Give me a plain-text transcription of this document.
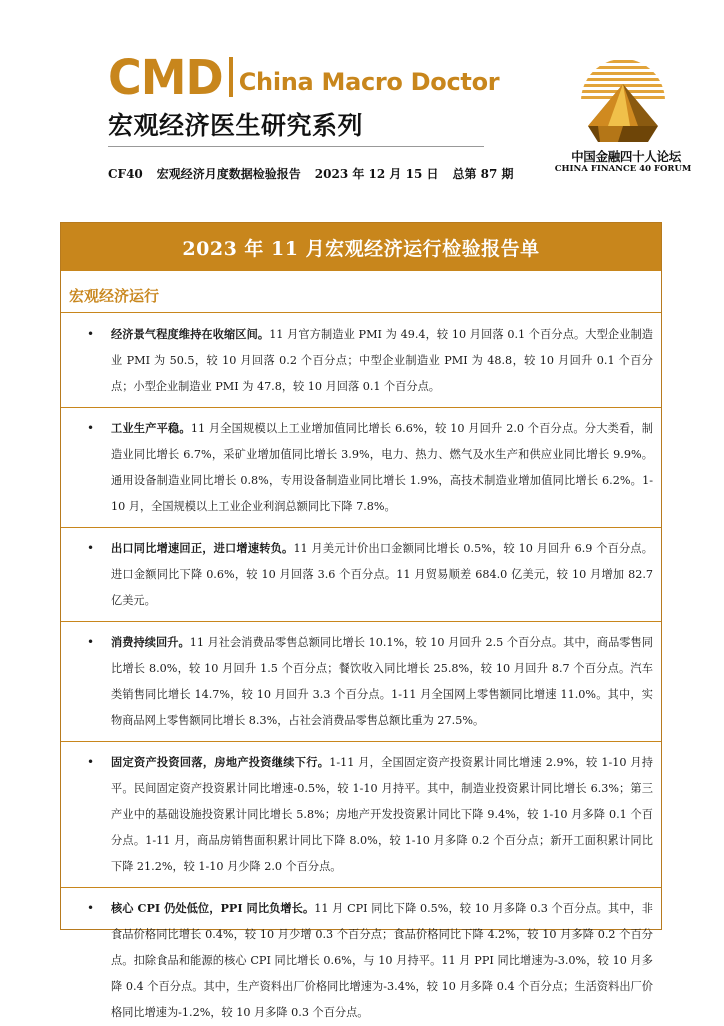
CMD China Macro Doctor
宏观经济医生研究系列
CF40 宏观经济月度数据检验报告 2023 年 12 月 15 日 总第 87 期
中国金融四十人论坛
CHINA FINANCE 40 FORUM
2023 年 11 月宏观经济运行检验报告单
宏观经济运行
• 经济景气程度维持在收缩区间。11 月官方制造业 PMI 为 49.4，较 10 月回落 0.1 个百分点。大型企业制造业 PMI 为 50.5，较 10 月回落 0.2 个百分点；中型企业制造业 PMI 为 48.8，较 10 月回升 0.1 个百分点；小型企业制造业 PMI 为 47.8，较 10 月回落 0.1 个百分点。
• 工业生产平稳。11 月全国规模以上工业增加值同比增长 6.6%，较 10 月回升 2.0 个百分点。分大类看，制造业同比增长 6.7%，采矿业增加值同比增长 3.9%，电力、热力、燃气及水生产和供应业同比增长 9.9%。通用设备制造业同比增长 0.8%，专用设备制造业同比增长 1.9%，高技术制造业增加值同比增长 6.2%。1-10 月，全国规模以上工业企业利润总额同比下降 7.8%。
• 出口同比增速回正，进口增速转负。11 月美元计价出口金额同比增长 0.5%，较 10 月回升 6.9 个百分点。进口金额同比下降 0.6%，较 10 月回落 3.6 个百分点。11 月贸易顺差 684.0 亿美元，较 10 月增加 82.7 亿美元。
• 消费持续回升。11 月社会消费品零售总额同比增长 10.1%，较 10 月回升 2.5 个百分点。其中，商品零售同比增长 8.0%，较 10 月回升 1.5 个百分点；餐饮收入同比增长 25.8%，较 10 月回升 8.7 个百分点。汽车类销售同比增长 14.7%，较 10 月回升 3.3 个百分点。1-11 月全国网上零售额同比增速 11.0%。其中，实物商品网上零售额同比增长 8.3%，占社会消费品零售总额比重为 27.5%。
• 固定资产投资回落，房地产投资继续下行。1-11 月，全国固定资产投资累计同比增速 2.9%，较 1-10 月持平。民间固定资产投资累计同比增速-0.5%，较 1-10 月持平。其中，制造业投资累计同比增长 6.3%；第三产业中的基础设施投资累计同比增长 5.8%；房地产开发投资累计同比下降 9.4%，较 1-10 月多降 0.1 个百分点。1-11 月，商品房销售面积累计同比下降 8.0%，较 1-10 月多降 0.2 个百分点；新开工面积累计同比下降 21.2%，较 1-10 月少降 2.0 个百分点。
• 核心 CPI 仍处低位，PPI 同比负增长。11 月 CPI 同比下降 0.5%，较 10 月多降 0.3 个百分点。其中，非食品价格同比增长 0.4%，较 10 月少增 0.3 个百分点；食品价格同比下降 4.2%，较 10 月多降 0.2 个百分点。扣除食品和能源的核心 CPI 同比增长 0.6%，与 10 月持平。11 月 PPI 同比增速为-3.0%，较 10 月多降 0.4 个百分点。其中，生产资料出厂价格同比增速为-3.4%，较 10 月多降 0.4 个百分点；生活资料出厂价格同比增速为-1.2%，较 10 月多降 0.3 个百分点。
